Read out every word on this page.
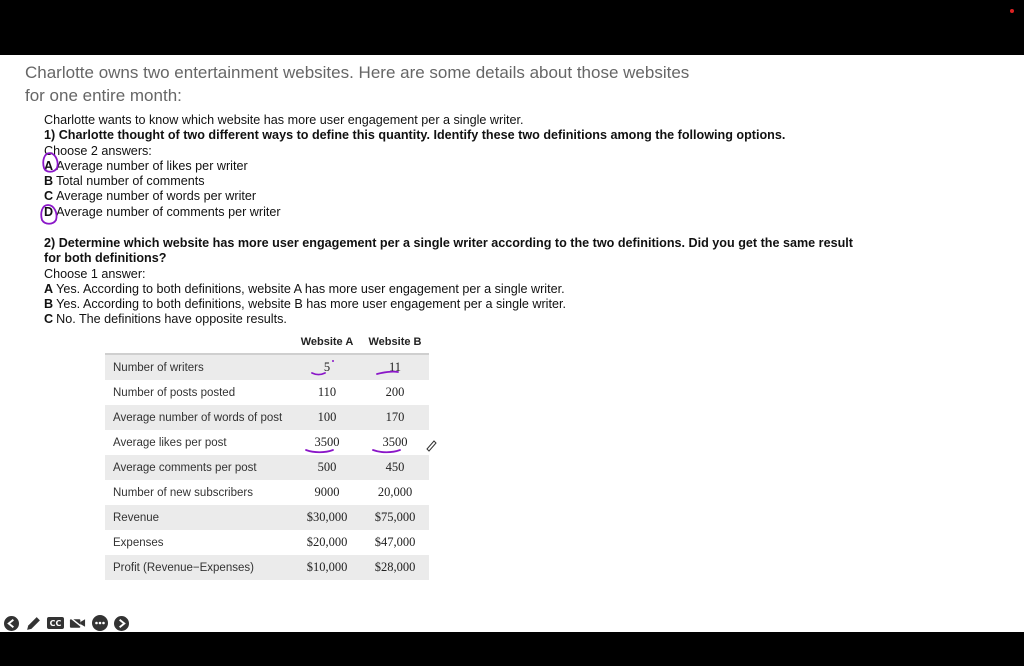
Charlotte owns two entertainment websites. Here are some details about those websites
for one entire month:

Charlotte wants to know which website has more user engagement per a single writer.

1) Charlotte thought of two different ways to define this quantity. Identify these two definitions among the following options.

Choose 2 answers:

A Average number of likes per writer

B Total number of comments

C Average number of words per writer

D Average number of comments per writer

2) Determine which website has more user engagement per a single writer according to the two definitions. Did you get the same result

for both definitions?

Choose 1 answer:

A Yes. According to both definitions, website A has more user engagement per a single writer.

B Yes. According to both definitions, website B has more user engagement per a single writer.

C No. The definitions have opposite results.

	Website A	Website B
Number of writers	5	11
Number of posts posted	110	200
Average number of words of post	100	170
Average likes per post	3500	3500
Average comments per post	500	450
Number of new subscribers	9000	20,000
Revenue	$30,000	$75,000
Expenses	$20,000	$47,000
Profit (Revenue−Expenses)	$10,000	$28,000
CC
